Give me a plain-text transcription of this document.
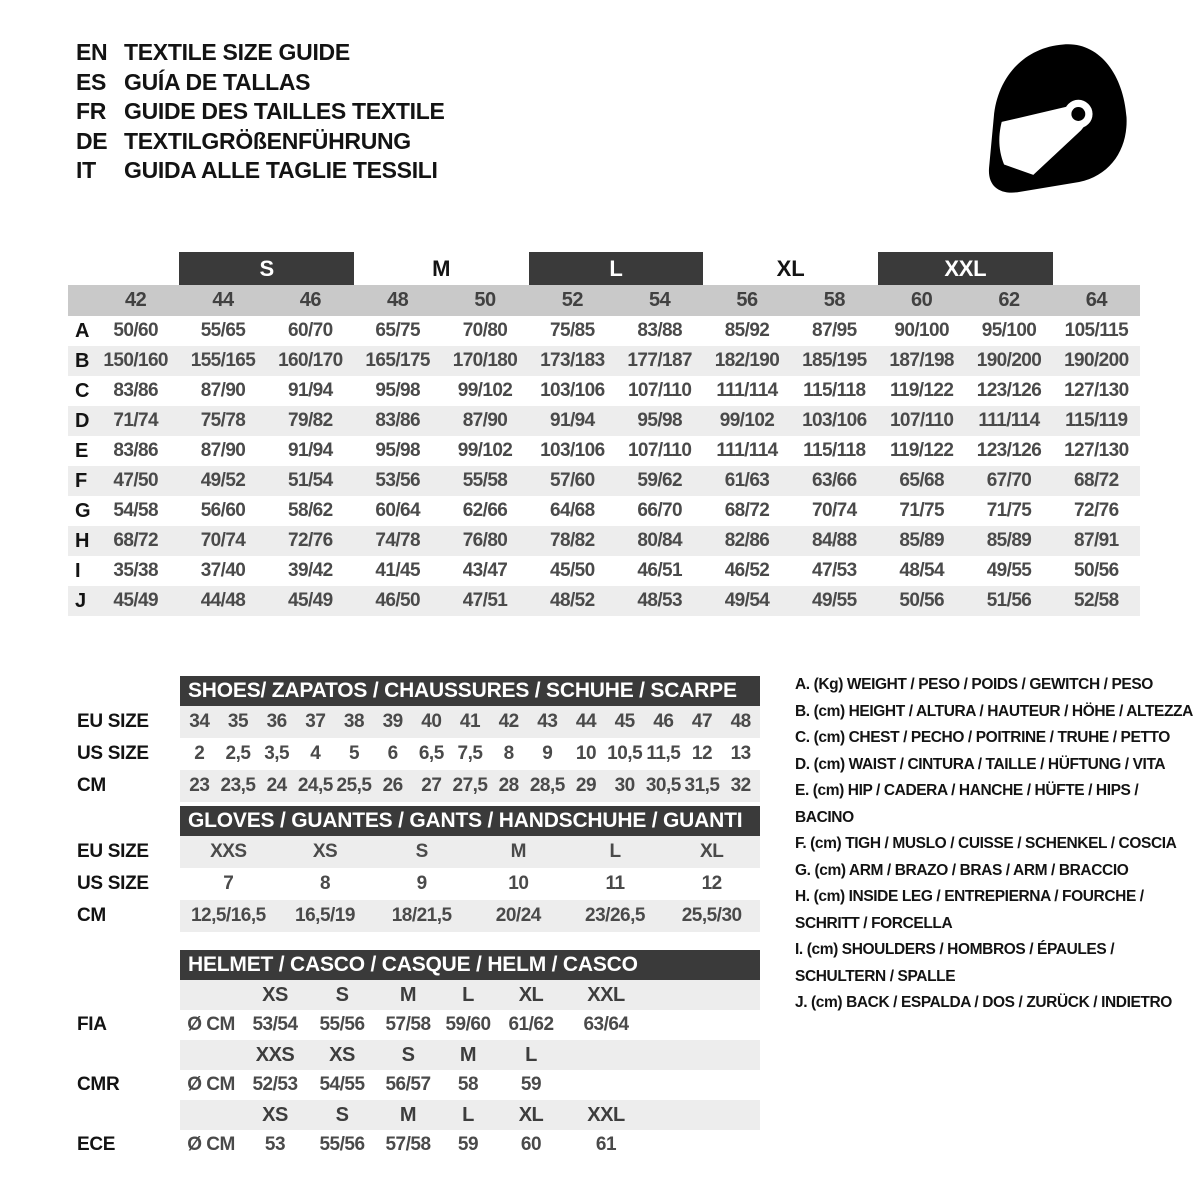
EN TEXTILE SIZE GUIDE
ES GUÍA DE TALLAS
FR GUIDE DES TAILLES TEXTILE
DE TEXTILGRÖßENFÜHRUNG
IT	GUIDA ALLE TAGLIE TESSILI
S	M	L	XL	XXL
42	44	46	48	50	52	54	56	58	60	62	64
A	50/60	55/65	60/70	65/75	70/80	75/85	83/88	85/92	87/95	90/100	95/100	105/115
B 150/160	155/165	160/170	165/175	170/180	173/183	177/187	182/190	185/195	187/198	190/200	190/200
C	83/86	87/90	91/94	95/98	99/102	103/106	107/110	111/114	115/118	119/122	123/126	127/130
D	71/74	75/78	79/82	83/86	87/90	91/94	95/98	99/102	103/106	107/110	111/114	115/119
E	83/86	87/90	91/94	95/98	99/102	103/106	107/110	111/114	115/118	119/122	123/126	127/130
F	47/50	49/52	51/54	53/56	55/58	57/60	59/62	61/63	63/66	65/68	67/70	68/72
G	54/58	56/60	58/62	60/64	62/66	64/68	66/70	68/72	70/74	71/75	71/75	72/76
H	68/72	70/74	72/76	74/78	76/80	78/82	80/84	82/86	84/88	85/89	85/89	87/91
I	35/38	37/40	39/42	41/45	43/47	45/50	46/51	46/52	47/53	48/54	49/55	50/56
J	45/49	44/48	45/49	46/50	47/51	48/52	48/53	49/54	49/55	50/56	51/56	52/58
SHOES/ ZAPATOS / CHAUSSURES / SCHUHE / SCARPE
EU SIZE	34 35 36 37 38 39 40 41 42 43 44 45 46 47 48
US SIZE	2	2,5 3,5	4	5	6	6,5 7,5	8	9	10 10,5 11,5 12 13
CM	23 23,5 24 24,5 25,5 26 27 27,5 28 28,5 29 30 30,5 31,5 32
GLOVES / GUANTES / GANTS / HANDSCHUHE / GUANTI
EU SIZE	XXS	XS	S	M	L	XL
US SIZE	7	8	9	10	11	12
CM	12,5/16,5	16,5/19	18/21,5	20/24	23/26,5	25,5/30
HELMET / CASCO / CASQUE / HELM / CASCO
XS	S	M	L	XL	XXL
FIA	Ø CM 53/54	55/56	57/58 59/60 61/62	63/64
XXS	XS	S	M	L
CMR	Ø CM 52/53	54/55	56/57	58	59
XS	S	M	L	XL	XXL
ECE	Ø CM	53	55/56	57/58	59	60	61
A. (Kg) WEIGHT / PESO / POIDS / GEWITCH / PESO
B. (cm) HEIGHT / ALTURA / HAUTEUR / HÖHE / ALTEZZA
C. (cm) CHEST / PECHO / POITRINE / TRUHE / PETTO
D. (cm) WAIST / CINTURA / TAILLE / HÜFTUNG / VITA
E. (cm) HIP / CADERA / HANCHE / HÜFTE / HIPS / BACINO
F. (cm) TIGH / MUSLO / CUISSE / SCHENKEL / COSCIA
G. (cm) ARM / BRAZO / BRAS / ARM / BRACCIO
H. (cm) INSIDE LEG / ENTREPIERNA / FOURCHE / SCHRITT / FORCELLA
I. (cm) SHOULDERS / HOMBROS / ÉPAULES / SCHULTERN / SPALLE
J. (cm) BACK / ESPALDA / DOS / ZURÜCK / INDIETRO
